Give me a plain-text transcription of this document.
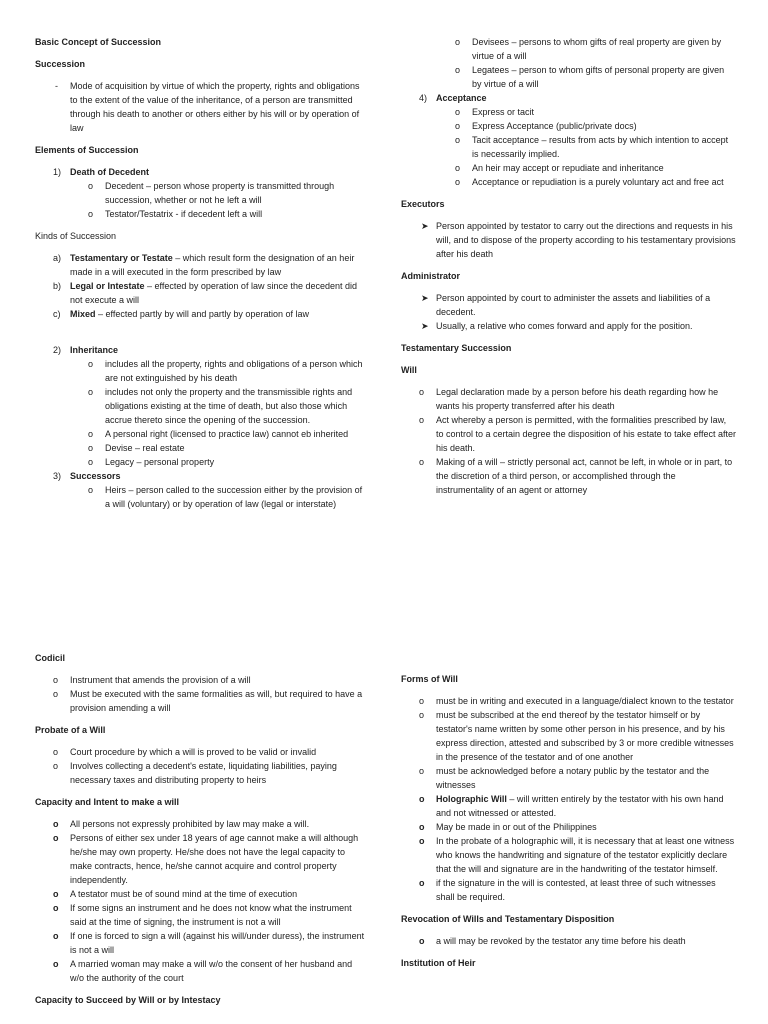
Basic Concept of Succession

Succession

- Mode of acquisition by virtue of which the property, rights and obligations to the extent of the value of the inheritance, of a person are transmitted through his death to another or others either by his will or by operation of law

Elements of Succession

1) Death of Decedent
o Decedent – person whose property is transmitted through succession, whether or not he left a will
o Testator/Testatrix - if decedent left a will

Kinds of Succession

a) Testamentary or Testate – which result form the designation of an heir made in a will executed in the form prescribed by law
b) Legal or Intestate – effected by operation of law since the decedent did not execute a will
c) Mixed – effected partly by will and partly by operation of law
2) Inheritance
o includes all the property, rights and obligations of a person which are not extinguished by his death
o includes not only the property and the transmissible rights and obligations existing at the time of death, but also those which accrue thereto since the opening of the succession.
o A personal right (licensed to practice law) cannot eb inherited
o Devise – real estate
o Legacy – personal property
3) Successors
o Heirs – person called to the succession either by the provision of a will (voluntary) or by operation of law (legal or interstate)
o Devisees – persons to whom gifts of real property are given by virtue of a will
o Legatees – person to whom gifts of personal property are given by virtue of a will
4) Acceptance
o Express or tacit
o Express Acceptance (public/private docs)
o Tacit acceptance – results from acts by which intention to accept is necessarily implied.
o An heir may accept or repudiate and inheritance
o Acceptance or repudiation is a purely voluntary act and free act

Executors

➤ Person appointed by testator to carry out the directions and requests in his will, and to dispose of the property according to his testamentary provisions after his death

Administrator

➤ Person appointed by court to administer the assets and liabilities of a decedent.
➤ Usually, a relative who comes forward and apply for the position.

Testamentary Succession

Will

o Legal declaration made by a person before his death regarding how he wants his property transferred after his death
o Act whereby a person is permitted, with the formalities prescribed by law, to control to a certain degree the disposition of his estate to take effect after his death.
o Making of a will – strictly personal act, cannot be left, in whole or in part, to the discretion of a third person, or accomplished through the instrumentality of an agent or attorney

Codicil

o Instrument that amends the provision of a will
o Must be executed with the same formalities as will, but required to have a provision amending a will

Probate of a Will

o Court procedure by which a will is proved to be valid or invalid
o Involves collecting a decedent's estate, liquidating liabilities, paying necessary taxes and distributing property to heirs

Capacity and Intent to make a will

o All persons not expressly prohibited by law may make a will.
o Persons of either sex under 18 years of age cannot make a will although he/she may own property. He/she does not have the legal capacity to make contracts, hence, he/she cannot acquire and control property independently.
o A testator must be of sound mind at the time of execution
o If some signs an instrument and he does not know what the instrument said at the time of signing, the instrument is not a will
o If one is forced to sign a will (against his will/under duress), the instrument is not a will
o A married woman may make a will w/o the consent of her husband and w/o the authority of the court

Capacity to Succeed by Will or by Intestacy

Forms of Will

o must be in writing and executed in a language/dialect known to the testator
o must be subscribed at the end thereof by the testator himself or by testator's name written by some other person in his presence, and by his express direction, attested and subscribed by 3 or more credible witnesses in the presence of the testator and of one another
o must be acknowledged before a notary public by the testator and the witnesses
o Holographic Will – will written entirely by the testator with his own hand and not witnessed or attested.
o May be made in or out of the Philippines
o In the probate of a holographic will, it is necessary that at least one witness who knows the handwriting and signature of the testator explicitly declare that the will and signature are in the handwriting of the testator himself.
o if the signature in the will is contested, at least three of such witnesses shall be required.

Revocation of Wills and Testamentary Disposition

o a will may be revoked by the testator any time before his death

Institution of Heir
